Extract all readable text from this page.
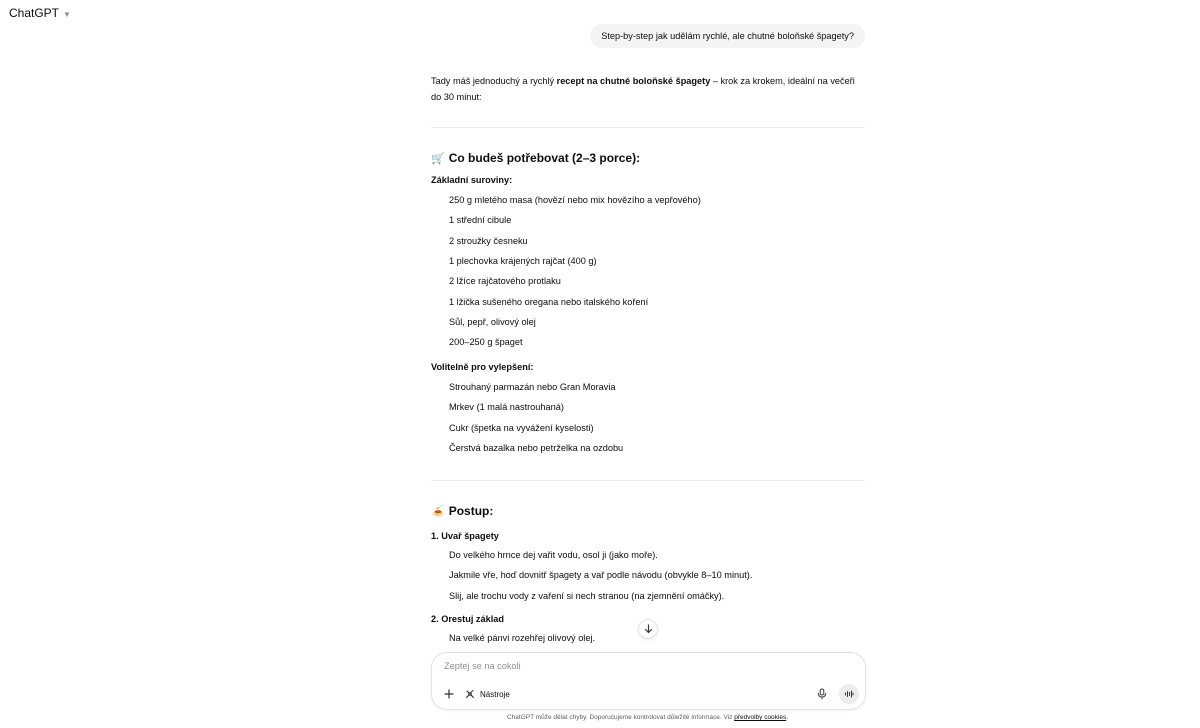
ChatGPT ▼
Step-by-step jak udělám rychlé, ale chutné boloňské špagety?
Tady máš jednoduchý a rychlý recept na chutné boloňské špagety – krok za krokem, ideální na večeři do 30 minut:
🛒 Co budeš potřebovat (2–3 porce):
Základní suroviny:
250 g mletého masa (hovězí nebo mix hovězího a vepřového)
1 střední cibule
2 stroužky česneku
1 plechovka krájených rajčat (400 g)
2 lžíce rajčatového protlaku
1 lžička sušeného oregana nebo italského koření
Sůl, pepř, olivový olej
200–250 g špaget
Volitelně pro vylepšení:
Strouhaný parmazán nebo Gran Moravia
Mrkev (1 malá nastrouhaná)
Cukr (špetka na vyvážení kyselosti)
Čerstvá bazalka nebo petrželka na ozdobu
🍝 Postup:
1. Uvař špagety
Do velkého hrnce dej vařit vodu, osol ji (jako moře).
Jakmile vře, hoď dovnitř špagety a vař podle návodu (obvykle 8–10 minut).
Slij, ale trochu vody z vaření si nech stranou (na zjemnění omáčky).
2. Orestuj základ
Na velké pánvi rozehřej olivový olej.
Zeptej se na cokoli
Nástroje
ChatGPT může dělat chyby. Doporučujeme kontrolovat důležité informace. Viz předvolby cookies.
